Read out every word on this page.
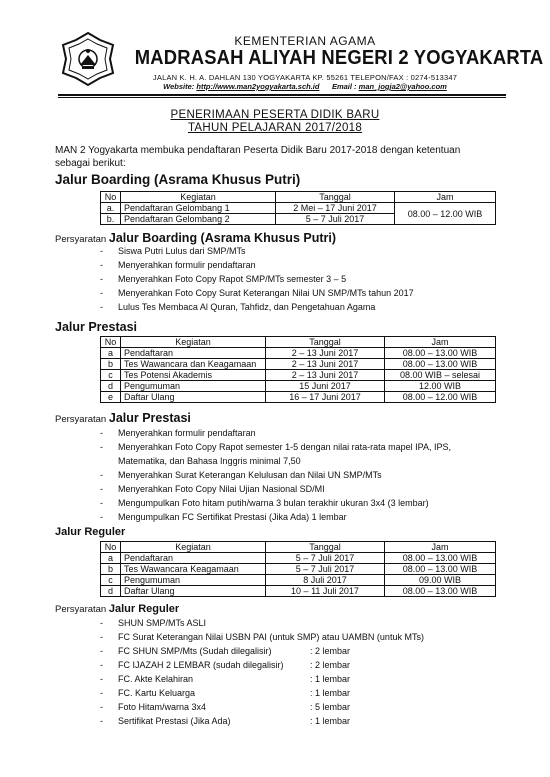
KEMENTERIAN AGAMA
MADRASAH ALIYAH NEGERI 2 YOGYAKARTA
JALAN K. H. A. DAHLAN 130 YOGYAKARTA KP. 55261 TELEPON/FAX : 0274-513347
Website: http://www.man2yogyakarta.sch.id Email : man_jogja2@yahoo.com
PENERIMAAN PESERTA DIDIK BARU
TAHUN PELAJARAN 2017/2018
MAN 2 Yogyakarta membuka pendaftaran Peserta Didik Baru 2017-2018 dengan ketentuan sebagai berikut:
Jalur Boarding (Asrama Khusus Putri)
No	Kegiatan	Tanggal	Jam
a.	Pendaftaran Gelombang 1	2 Mei – 17 Juni 2017	08.00 – 12.00 WIB
b.	Pendaftaran Gelombang 2	5 – 7 Juli 2017	
Persyaratan Jalur Boarding (Asrama Khusus Putri)
- Siswa Putri Lulus dari SMP/MTs
- Menyerahkan formulir pendaftaran
- Menyerahkan Foto Copy Rapot SMP/MTs semester 3 – 5
- Menyerahkan Foto Copy Surat Keterangan Nilai UN SMP/MTs tahun 2017
- Lulus Tes Membaca Al Quran, Tahfidz, dan Pengetahuan Agama
Jalur Prestasi
No	Kegiatan	Tanggal	Jam
a	Pendaftaran	2 – 13 Juni 2017	08.00 – 13.00 WIB
b	Tes Wawancara dan Keagamaan	2 – 13 Juni 2017	08.00 – 13.00 WIB
c	Tes Potensi Akademis	2 – 13 Juni 2017	08.00 WIB – selesai
d	Pengumuman	15 Juni 2017	12.00 WIB
e	Daftar Ulang	16 – 17 Juni 2017	08.00 – 12.00 WIB
Persyaratan Jalur Prestasi
- Menyerahkan formulir pendaftaran
- Menyerahkan Foto Copy Rapot semester 1-5 dengan nilai rata-rata mapel IPA, IPS,
Matematika, dan Bahasa Inggris minimal 7,50
- Menyerahkan Surat Keterangan Kelulusan dan Nilai UN SMP/MTs
- Menyerahkan Foto Copy Nilai Ujian Nasional SD/MI
- Mengumpulkan Foto hitam putih/warna 3 bulan terakhir ukuran 3x4 (3 lembar)
- Mengumpulkan FC Sertifikat Prestasi (Jika Ada) 1 lembar
Jalur Reguler
No	Kegiatan	Tanggal	Jam
a	Pendaftaran	5 – 7 Juli 2017	08.00 – 13.00 WIB
b	Tes Wawancara Keagamaan	5 – 7 Juli 2017	08.00 – 13.00 WIB
c	Pengumuman	8 Juli 2017	09.00 WIB
d	Daftar Ulang	10 – 11 Juli 2017	08.00 – 13.00 WIB
Persyaratan Jalur Reguler
- SHUN SMP/MTs ASLI
- FC Surat Keterangan Nilai USBN PAI (untuk SMP) atau UAMBN (untuk MTs)
- FC SHUN SMP/Mts (Sudah dilegalisir)	: 2 lembar
- FC IJAZAH 2 LEMBAR (sudah dilegalisir)	: 2 lembar
- FC. Akte Kelahiran	: 1 lembar
- FC. Kartu Keluarga	: 1 lembar
- Foto Hitam/warna 3x4	: 5 lembar
- Sertifikat Prestasi (Jika Ada)	: 1 lembar
